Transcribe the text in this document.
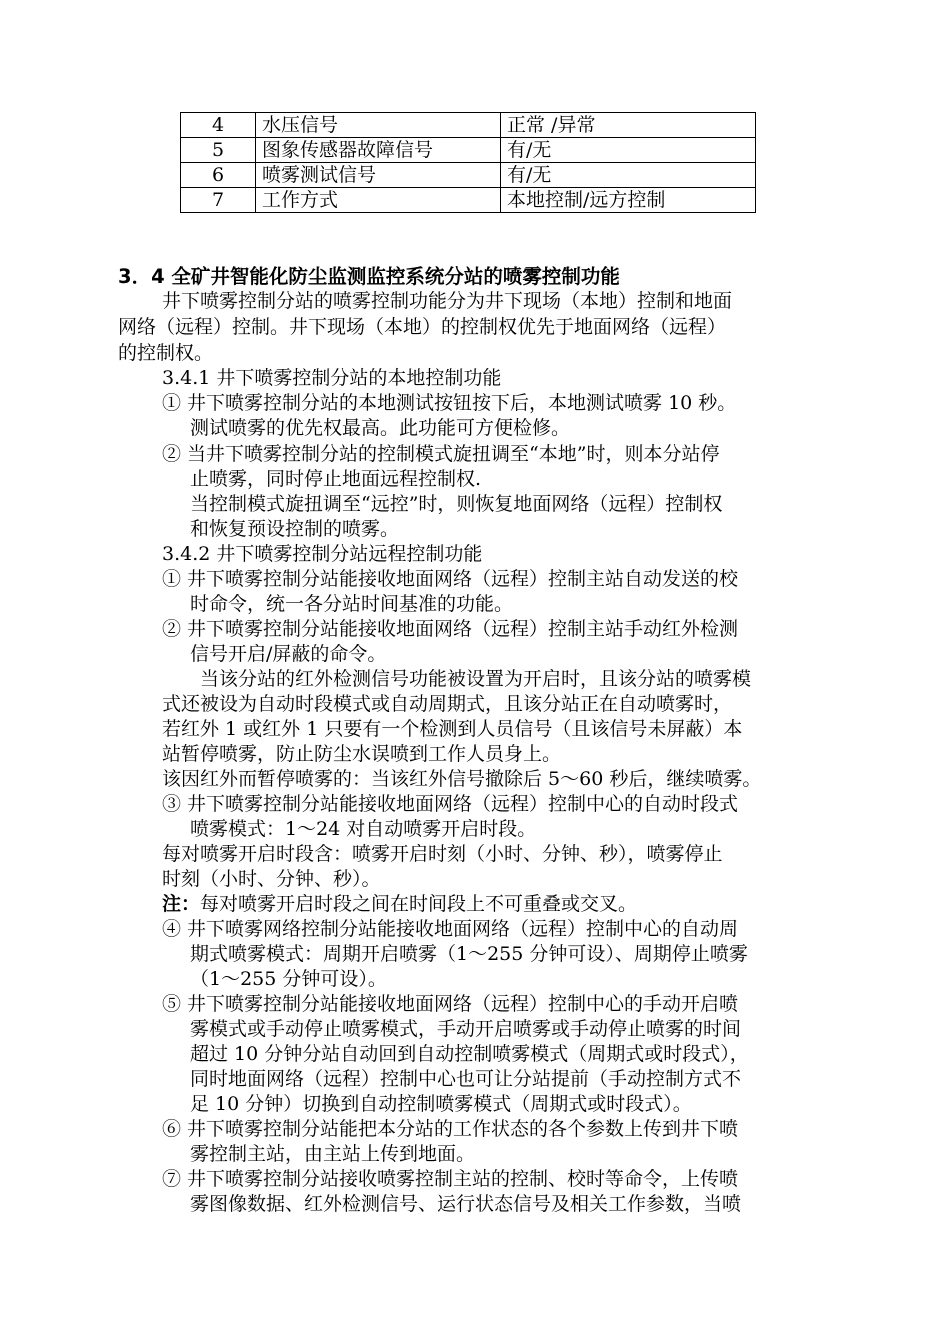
4	水压信号	正常 /异常
5	图象传感器故障信号	有/无
6	喷雾测试信号	有/无
7	工作方式	本地控制/远方控制
3．4 全矿井智能化防尘监测监控系统分站的喷雾控制功能
井下喷雾控制分站的喷雾控制功能分为井下现场（本地）控制和地面
网络（远程）控制。井下现场（本地）的控制权优先于地面网络（远程）
的控制权。
3.4.1 井下喷雾控制分站的本地控制功能
① 井下喷雾控制分站的本地测试按钮按下后，本地测试喷雾 10 秒。
测试喷雾的优先权最高。此功能可方便检修。
② 当井下喷雾控制分站的控制模式旋扭调至“本地”时，则本分站停
止喷雾，同时停止地面远程控制权.
当控制模式旋扭调至“远控”时，则恢复地面网络（远程）控制权
和恢复预设控制的喷雾。
3.4.2 井下喷雾控制分站远程控制功能
① 井下喷雾控制分站能接收地面网络（远程）控制主站自动发送的校
时命令，统一各分站时间基准的功能。
② 井下喷雾控制分站能接收地面网络（远程）控制主站手动红外检测
信号开启/屏蔽的命令。
当该分站的红外检测信号功能被设置为开启时，且该分站的喷雾模
式还被设为自动时段模式或自动周期式，且该分站正在自动喷雾时，
若红外 1 或红外 1 只要有一个检测到人员信号（且该信号未屏蔽）本
站暂停喷雾，防止防尘水误喷到工作人员身上。
该因红外而暂停喷雾的：当该红外信号撤除后 5～60 秒后，继续喷雾。
③ 井下喷雾控制分站能接收地面网络（远程）控制中心的自动时段式
喷雾模式：1～24 对自动喷雾开启时段。
每对喷雾开启时段含：喷雾开启时刻（小时、分钟、秒），喷雾停止
时刻（小时、分钟、秒）。
注：每对喷雾开启时段之间在时间段上不可重叠或交叉。
④ 井下喷雾网络控制分站能接收地面网络（远程）控制中心的自动周
期式喷雾模式：周期开启喷雾（1～255 分钟可设）、周期停止喷雾
（1～255 分钟可设）。
⑤ 井下喷雾控制分站能接收地面网络（远程）控制中心的手动开启喷
雾模式或手动停止喷雾模式，手动开启喷雾或手动停止喷雾的时间
超过 10 分钟分站自动回到自动控制喷雾模式（周期式或时段式），
同时地面网络（远程）控制中心也可让分站提前（手动控制方式不
足 10 分钟）切换到自动控制喷雾模式（周期式或时段式）。
⑥ 井下喷雾控制分站能把本分站的工作状态的各个参数上传到井下喷
雾控制主站，由主站上传到地面。
⑦ 井下喷雾控制分站接收喷雾控制主站的控制、校时等命令，上传喷
雾图像数据、红外检测信号、运行状态信号及相关工作参数，当喷
